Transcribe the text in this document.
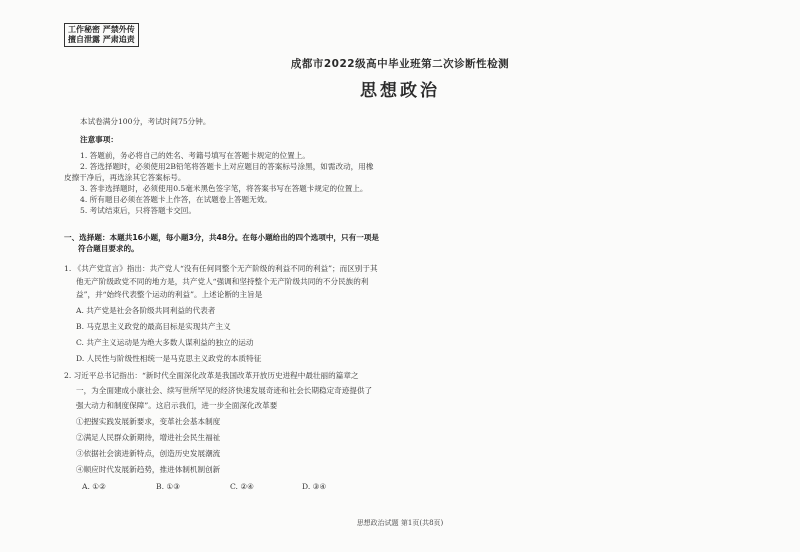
工作秘密 严禁外传
擅自泄露 严肃追责
成都市2022级高中毕业班第二次诊断性检测
思想政治
本试卷满分100分，考试时间75分钟。
注意事项：
1. 答题前，务必将自己的姓名、考籍号填写在答题卡规定的位置上。
2. 答选择题时，必须使用2B铅笔将答题卡上对应题目的答案标号涂黑，如需改动，用橡
皮擦干净后，再选涂其它答案标号。
3. 答非选择题时，必须使用0.5毫米黑色签字笔，将答案书写在答题卡规定的位置上。
4. 所有题目必须在答题卡上作答，在试题卷上答题无效。
5. 考试结束后，只将答题卡交回。
一、选择题：本题共16小题，每小题3分，共48分。在每小题给出的四个选项中，只有一项是
符合题目要求的。
1. 《共产党宣言》指出：共产党人“没有任何同整个无产阶级的利益不同的利益”；而区别于其
他无产阶级政党不同的地方是，共产党人“强调和坚持整个无产阶级共同的不分民族的利
益”，并“始终代表整个运动的利益”。上述论断的主旨是
A. 共产党是社会各阶级共同利益的代表者
B. 马克思主义政党的最高目标是实现共产主义
C. 共产主义运动是为绝大多数人谋利益的独立的运动
D. 人民性与阶级性相统一是马克思主义政党的本质特征
2. 习近平总书记指出：“新时代全面深化改革是我国改革开放历史进程中最壮丽的篇章之
一，为全面建成小康社会、续写世所罕见的经济快速发展奇迹和社会长期稳定奇迹提供了
强大动力和制度保障”。这启示我们，进一步全面深化改革要
①把握实践发展新要求，变革社会基本制度
②满足人民群众新期待，增进社会民生福祉
③依据社会演进新特点，创造历史发展潮流
④顺应时代发展新趋势，推进体制机制创新
A. ①②	B. ①③	C. ②④	D. ③④
思想政治试题 第1页(共8页)
